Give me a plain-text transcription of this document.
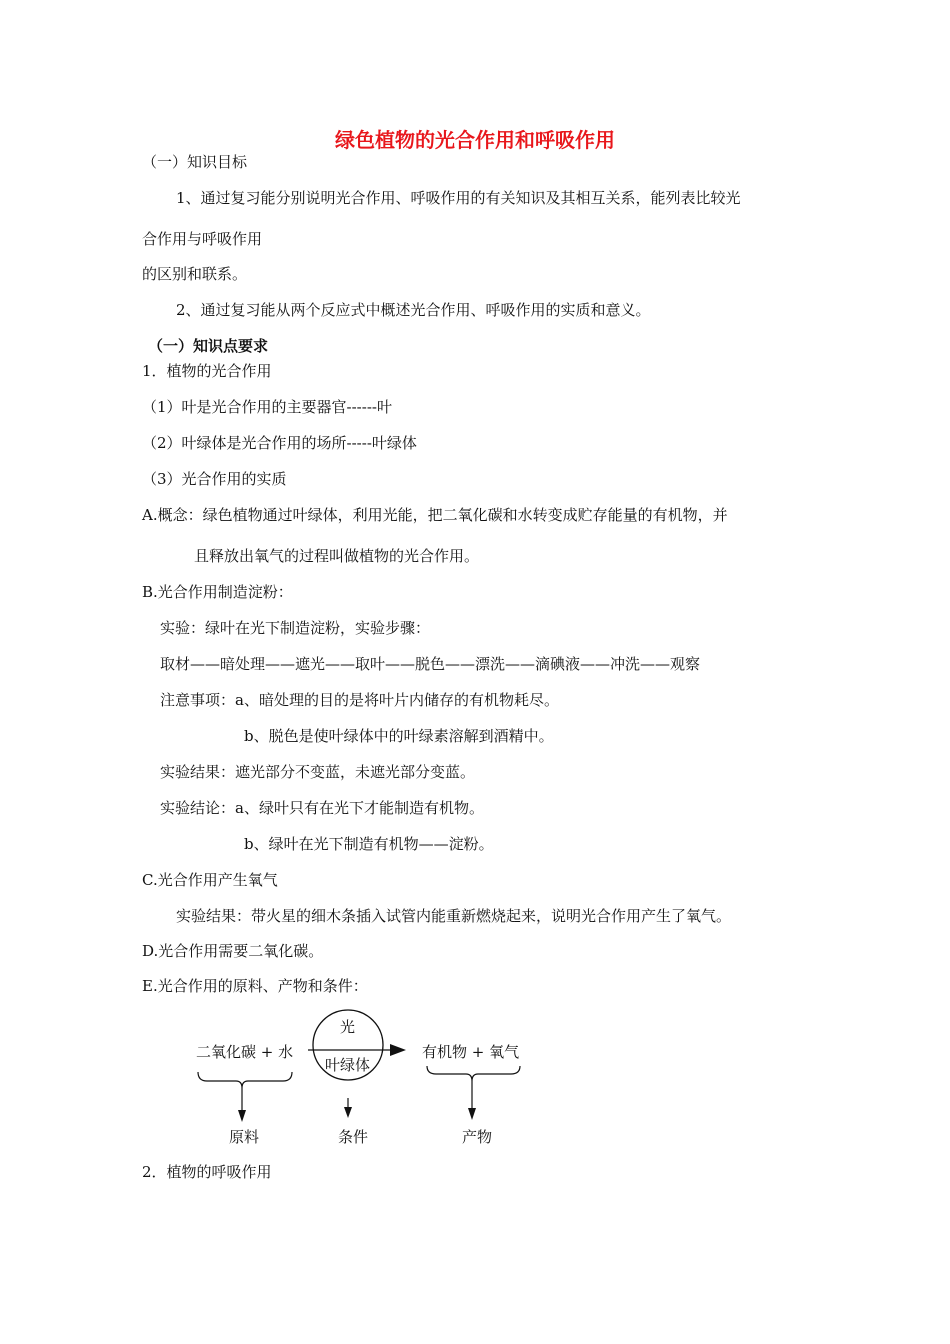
绿色植物的光合作用和呼吸作用
（一）知识目标
1、通过复习能分别说明光合作用、呼吸作用的有关知识及其相互关系，能列表比较光
合作用与呼吸作用
的区别和联系。
2、通过复习能从两个反应式中概述光合作用、呼吸作用的实质和意义。
（一）知识点要求
1．植物的光合作用
（1）叶是光合作用的主要器官------叶
（2）叶绿体是光合作用的场所-----叶绿体
（3）光合作用的实质
A.概念：绿色植物通过叶绿体，利用光能，把二氧化碳和水转变成贮存能量的有机物，并
且释放出氧气的过程叫做植物的光合作用。
B.光合作用制造淀粉：
实验：绿叶在光下制造淀粉，实验步骤：
取材——暗处理——遮光——取叶——脱色——漂洗——滴碘液——冲洗——观察
注意事项：a、暗处理的目的是将叶片内储存的有机物耗尽。
b、脱色是使叶绿体中的叶绿素溶解到酒精中。
实验结果：遮光部分不变蓝，未遮光部分变蓝。
实验结论：a、绿叶只有在光下才能制造有机物。
b、绿叶在光下制造有机物——淀粉。
C.光合作用产生氧气
实验结果：带火星的细木条插入试管内能重新燃烧起来，说明光合作用产生了氧气。
D.光合作用需要二氧化碳。
E.光合作用的原料、产物和条件：
二氧化碳 + 水
光
叶绿体
有机物 + 氧气
原料	条件	产物
2．植物的呼吸作用
